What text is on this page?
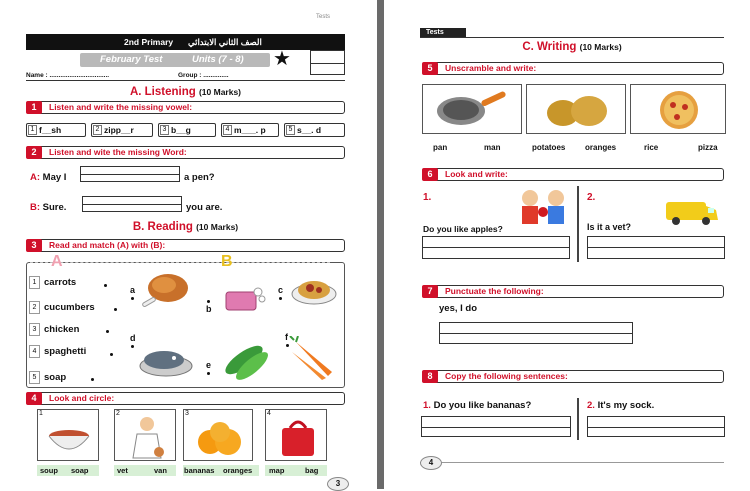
Tests
2nd Primary الصف الثاني الابتدائي
February Test	Units (7 - 8) ★
Name : .................................	Group : ..............
A. Listening (10 Marks)
1	Listen and write the missing vowel:
1 f__sh	2 zipp__r	3 b__g	4 m___. p	5 s__. d
2	Listen and wite the missing Word:
A: May I	a pen?
B: Sure.	you are.
B. Reading (10 Marks)
3	Read and match (A) with (B):
A	B
1 carrots
2 cucumbers
3 chicken
4 spaghetti
5 soap
a
b
c
d
e
f
4	Look and circle:
1
soup soap
2
vet	van
3
bananas oranges
4
map	bag
3
Tests
C. Writing (10 Marks)
5	Unscramble and write:
pan	man	potatoes oranges	rice	pizza
6	Look and write:
1.
Do you like apples?
2.
Is it a vet?
7	Punctuate the following:
yes, I do
8	Copy the following sentences:
1. Do you like bananas?	2. It's my sock.
4
